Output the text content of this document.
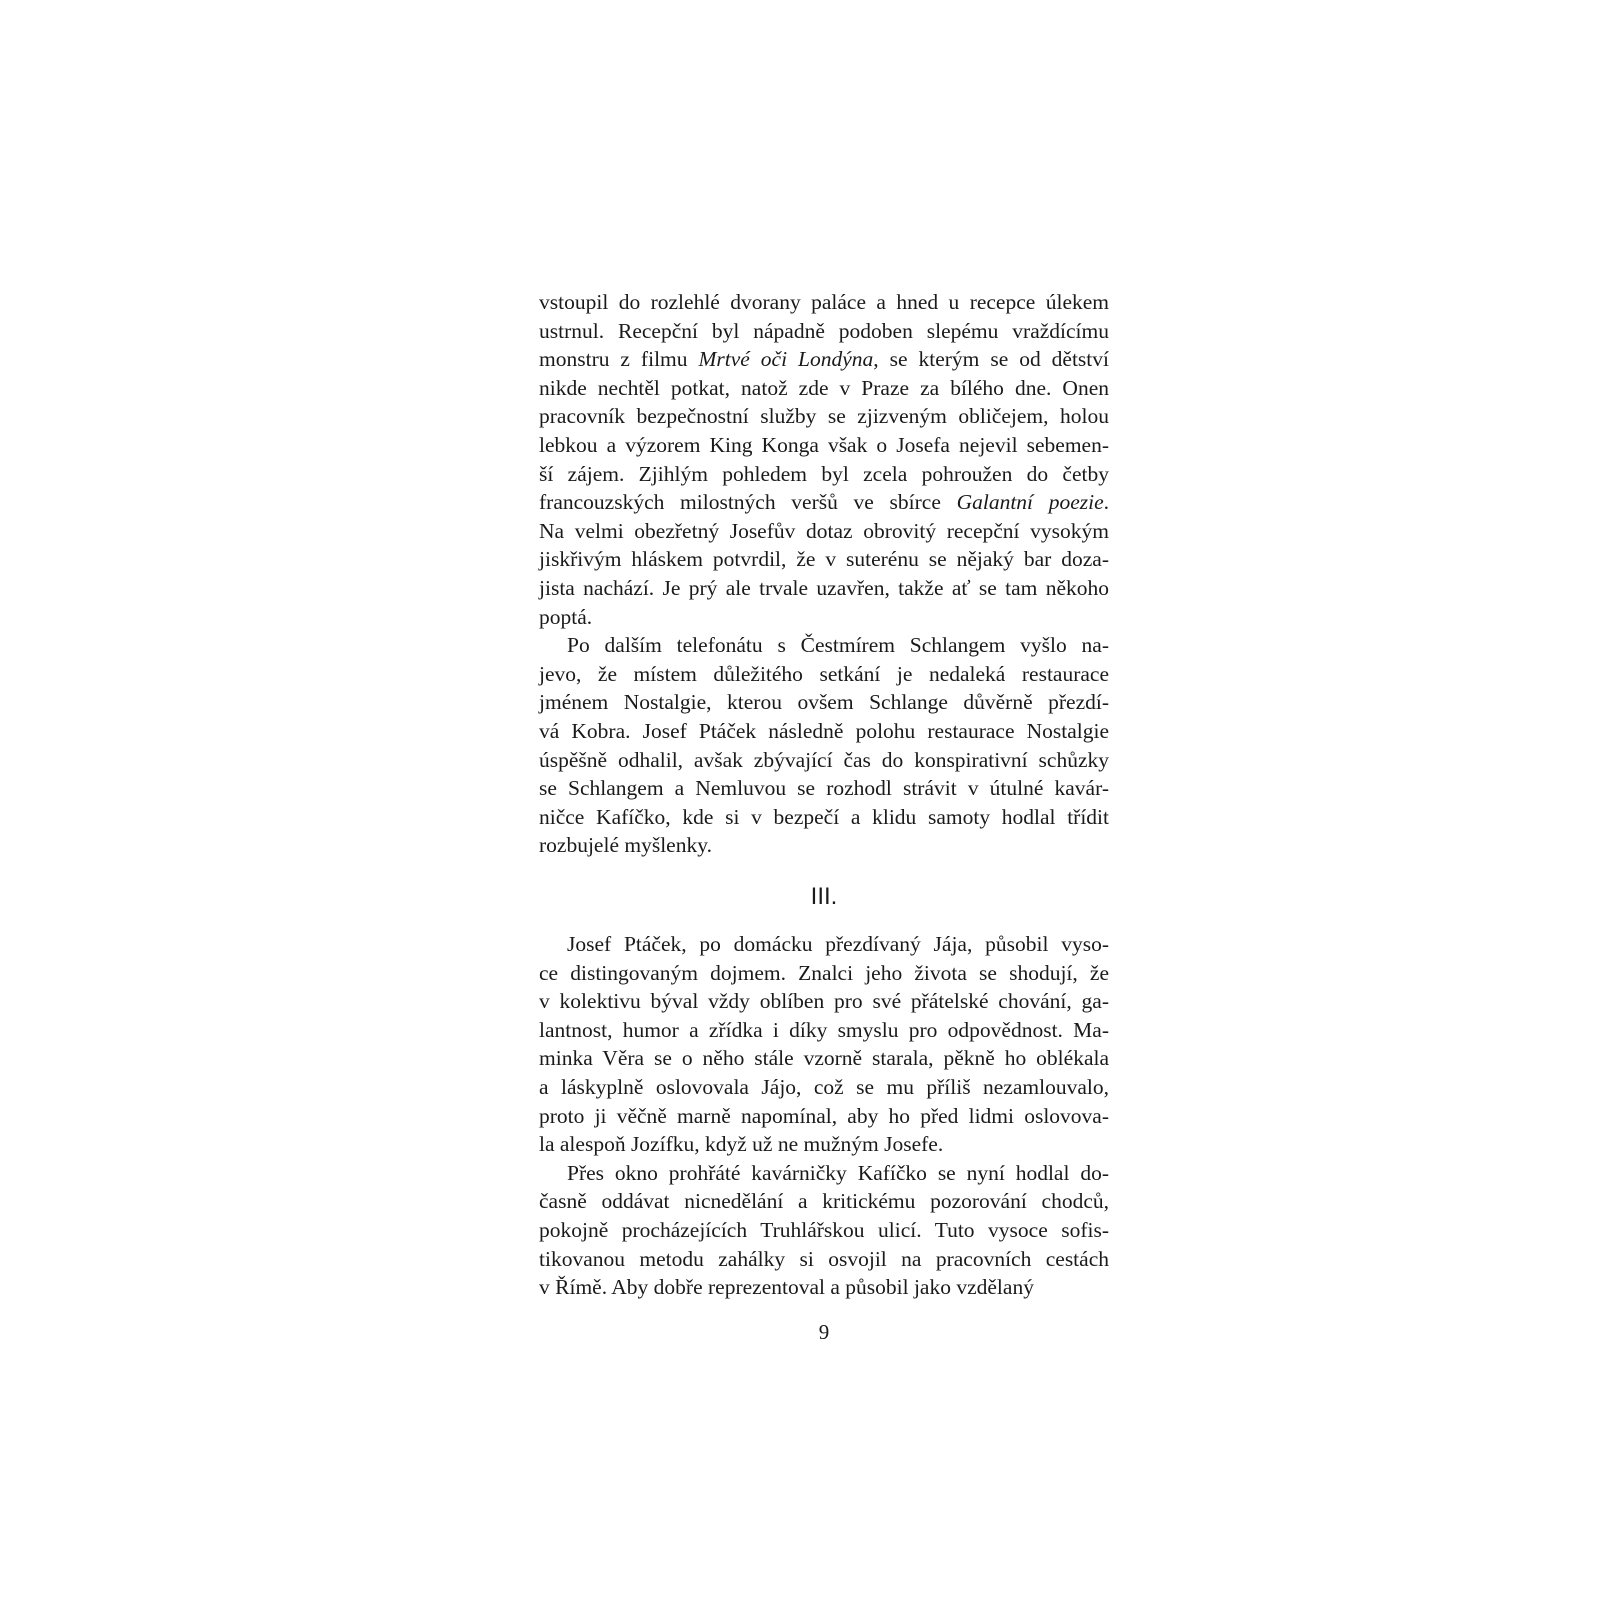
vstoupil do rozlehlé dvorany paláce a hned u recepce úlekem
ustrnul. Recepční byl nápadně podoben slepému vraždícímu
monstru z filmu Mrtvé oči Londýna, se kterým se od dětství
nikde nechtěl potkat, natož zde v Praze za bílého dne. Onen
pracovník bezpečnostní služby se zjizveným obličejem, holou
lebkou a výzorem King Konga však o Josefa nejevil sebemen-
ší zájem. Zjihlým pohledem byl zcela pohroužen do četby
francouzských milostných veršů ve sbírce Galantní poezie.
Na velmi obezřetný Josefův dotaz obrovitý recepční vysokým
jiskřivým hláskem potvrdil, že v suterénu se nějaký bar doza-
jista nachází. Je prý ale trvale uzavřen, takže ať se tam někoho
poptá.
Po dalším telefonátu s Čestmírem Schlangem vyšlo na-
jevo, že místem důležitého setkání je nedaleká restaurace
jménem Nostalgie, kterou ovšem Schlange důvěrně přezdí-
vá Kobra. Josef Ptáček následně polohu restaurace Nostalgie
úspěšně odhalil, avšak zbývající čas do konspirativní schůzky
se Schlangem a Nemluvou se rozhodl strávit v útulné kavár-
ničce Kafíčko, kde si v bezpečí a klidu samoty hodlal třídit
rozbujelé myšlenky.
III.
Josef Ptáček, po domácku přezdívaný Jája, působil vyso-
ce distingovaným dojmem. Znalci jeho života se shodují, že
v kolektivu býval vždy oblíben pro své přátelské chování, ga-
lantnost, humor a zřídka i díky smyslu pro odpovědnost. Ma-
minka Věra se o něho stále vzorně starala, pěkně ho oblékala
a láskyplně oslovovala Jájo, což se mu příliš nezamlouvalo,
proto ji věčně marně napomínal, aby ho před lidmi oslovova-
la alespoň Jozífku, když už ne mužným Josefe.
Přes okno prohřáté kavárničky Kafíčko se nyní hodlal do-
časně oddávat nicnedělání a kritickému pozorování chodců,
pokojně procházejících Truhlářskou ulicí. Tuto vysoce sofis-
tikovanou metodu zahálky si osvojil na pracovních cestách
v Římě. Aby dobře reprezentoval a působil jako vzdělaný
9
